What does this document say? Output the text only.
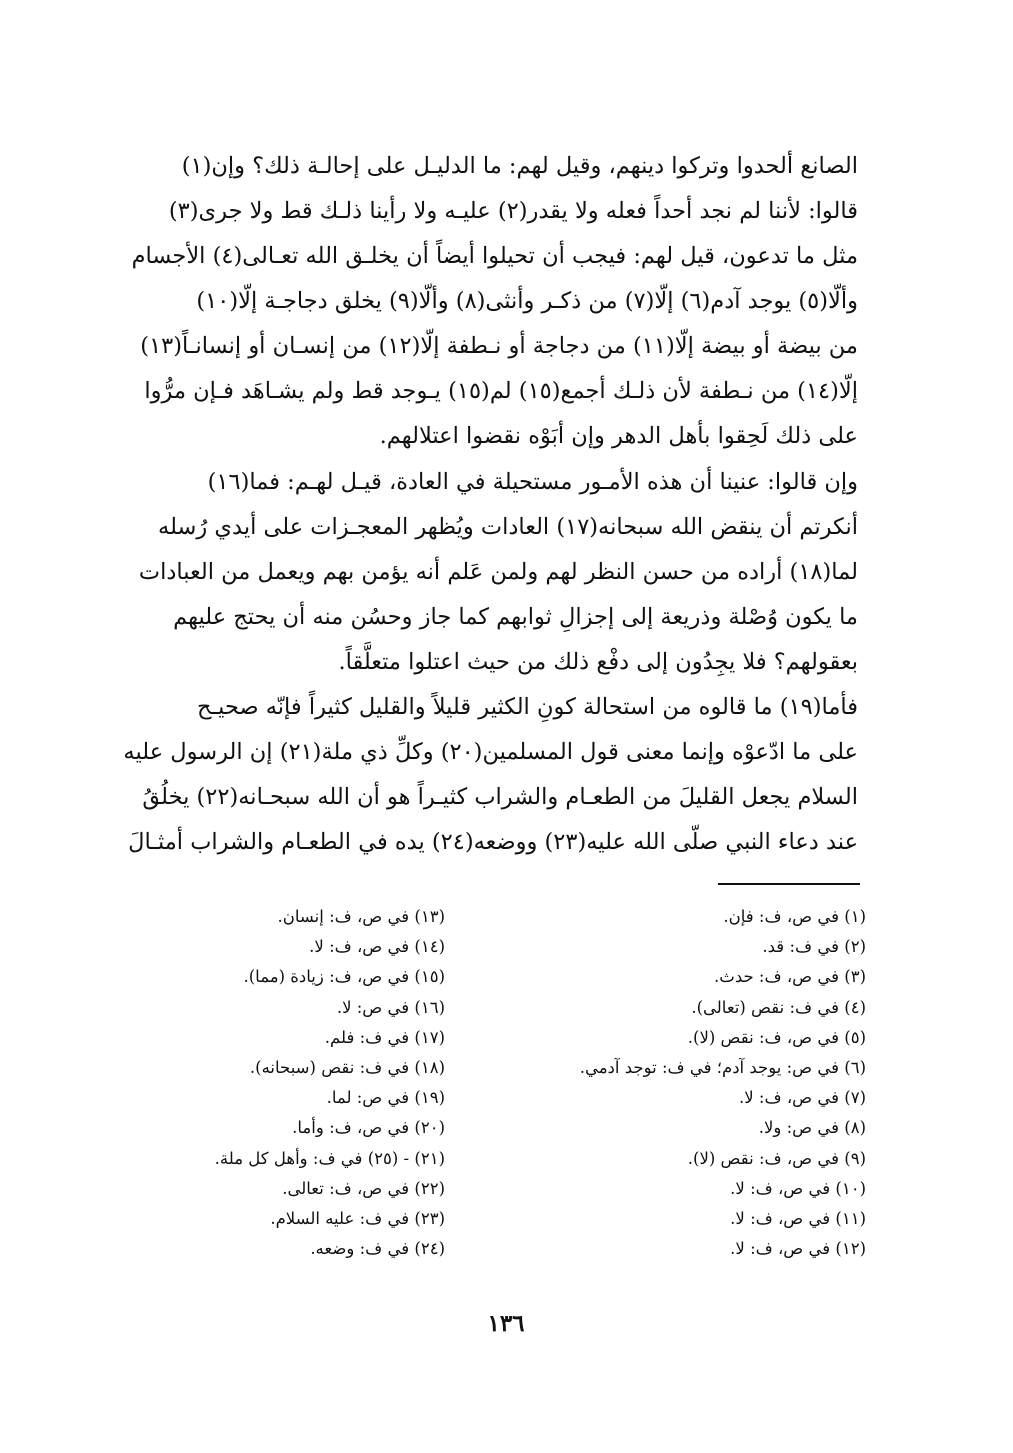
الصانع ألحدوا وتركوا دينهم، وقيل لهم: ما الدليـل على إحالـة ذلك؟ وإن(١)
قالوا: لأننا لم نجد أحداً فعله ولا يقدر(٢) عليـه ولا رأينا ذلـك قط ولا جرى(٣)
مثل ما تدعون، قيل لهم: فيجب أن تحيلوا أيضاً أن يخلـق الله تعـالى(٤) الأجسام
وألّا(٥) يوجد آدم(٦) إلّا(٧) من ذكـر وأنثى(٨) وألّا(٩) يخلق دجاجـة إلّا(١٠)
من بيضة أو بيضة إلّا(١١) من دجاجة أو نـطفة إلّا(١٢) من إنسـان أو إنسانـاً(١٣)
إلّا(١٤) من نـطفة لأن ذلـك أجمع(١٥) لم(١٥) يـوجد قط ولم يشـاهَد فـإن مرُّوا
على ذلك لَحِقوا بأهل الدهر وإن أبَوْه نقضوا اعتلالهم.
وإن قالوا: عنينا أن هذه الأمـور مستحيلة في العادة، قيـل لهـم: فما(١٦)
أنكرتم أن ينقض الله سبحانه(١٧) العادات ويُظهر المعجـزات على أيدي رُسله
لما(١٨) أراده من حسن النظر لهم ولمن عَلم أنه يؤمن بهم ويعمل من العبادات
ما يكون وُصْلة وذريعة إلى إجزالِ ثوابهم كما جاز وحسُن منه أن يحتج عليهم
بعقولهم؟ فلا يجِدُون إلى دفْع ذلك من حيث اعتلوا متعلَّقاً.
فأما(١٩) ما قالوه من استحالة كونِ الكثير قليلاً والقليل كثيراً فإنّه صحيـح
على ما ادّعوْه وإنما معنى قول المسلمين(٢٠) وكلِّ ذي ملة(٢١) إن الرسول عليه
السلام يجعل القليلَ من الطعـام والشراب كثيـراً هو أن الله سبحـانه(٢٢) يخلُقُ
عند دعاء النبي صلّى الله عليه(٢٣) ووضعه(٢٤) يده في الطعـام والشراب أمثـالَ
(١) في ص، ف: فإن.
(٢) في ف: قد.
(٣) في ص، ف: حدث.
(٤) في ف: نقص (تعالى).
(٥) في ص، ف: نقص (لا).
(٦) في ص: يوجد آدم؛ في ف: توجد آدمي.
(٧) في ص، ف: لا.
(٨) في ص: ولا.
(٩) في ص، ف: نقص (لا).
(١٠) في ص، ف: لا.
(١١) في ص، ف: لا.
(١٢) في ص، ف: لا.
(١٣) في ص، ف: إنسان.
(١٤) في ص، ف: لا.
(١٥) في ص، ف: زيادة (مما).
(١٦) في ص: لا.
(١٧) في ف: فلم.
(١٨) في ف: نقص (سبحانه).
(١٩) في ص: لما.
(٢٠) في ص، ف: وأما.
(٢١) - (٢٥) في ف: وأهل كل ملة.
(٢٢) في ص، ف: تعالى.
(٢٣) في ف: عليه السلام.
(٢٤) في ف: وضعه.
١٣٦
